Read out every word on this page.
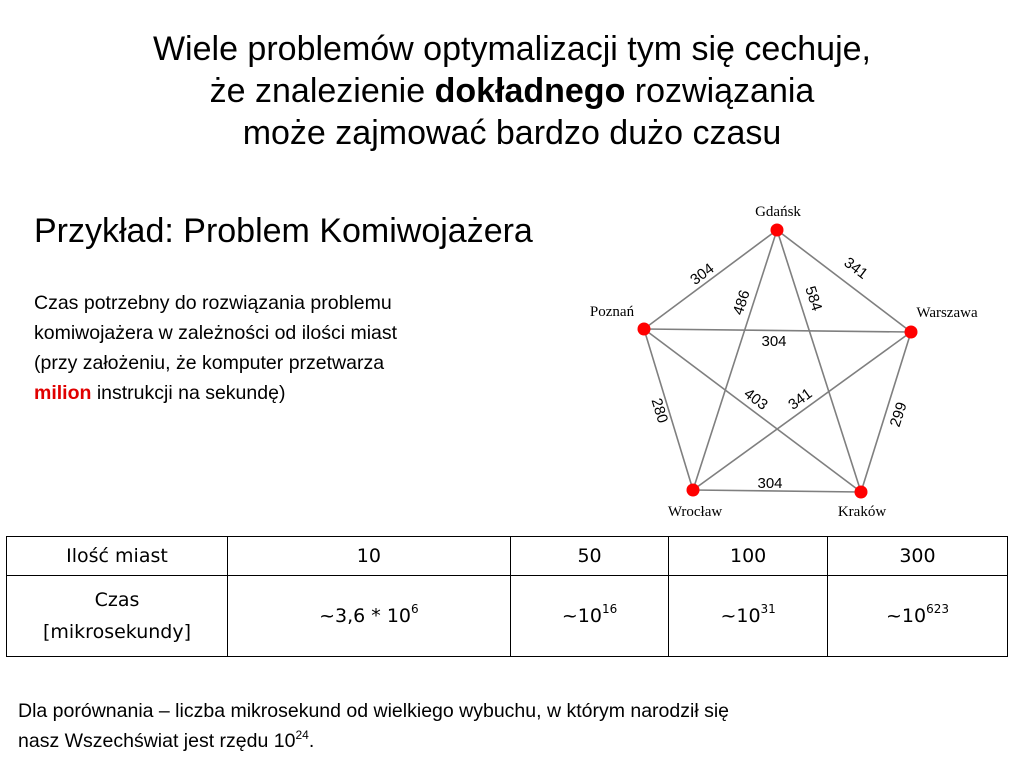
Wiele problemów optymalizacji tym się cechuje,
że znalezienie dokładnego rozwiązania
może zajmować bardzo dużo czasu
Przykład: Problem Komiwojażera
Czas potrzebny do rozwiązania problemu
komiwojażera w zależności od ilości miast
(przy założeniu, że komputer przetwarza
milion instrukcji na sekundę)
304	341
486	584
304
280	403 341
299
304
Gdańsk
Poznań	Warszawa
Wrocław	Kraków
Ilość miast	10	50	100	300

Czas
[mikrosekundy]	~3,6 * $10^6$	$\sim 10^{16}$	$\sim 10^{31}$	$\sim 10^{623}$
Dla porównania – liczba mikrosekund od wielkiego wybuchu, w którym narodził się
nasz Wszechświat jest rzędu $10^{24}$.
